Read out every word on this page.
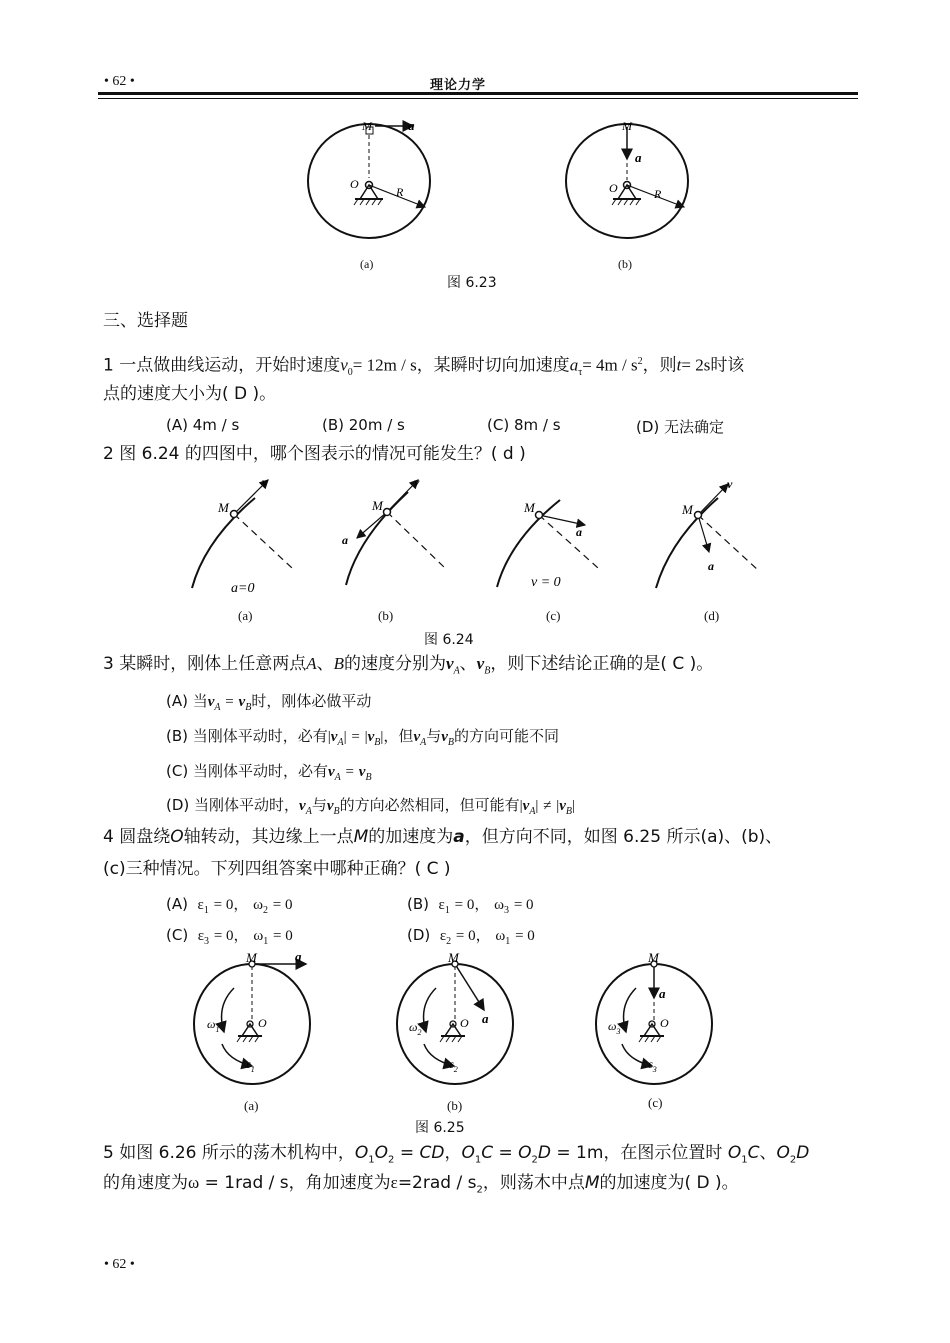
• 62 •	理论力学
M	a
O
R
M
a
O	R
(a)	(b)
图 6.23
三、选择题
1 一点做曲线运动，开始时速度$v_0= 12m / s$，某瞬时切向加速度$a_\tau= 4m / s^2$，则t= 2s时该
点的速度大小为( D )。
(A) 4m / s	(B) 20m / s	(C) 8m / s	(D) 无法确定
2 图 6.24 的四图中，哪个图表示的情况可能发生？( d )
M
v
a=0
M
v
a
M
a
v = 0
M
v
a
(a)	(b)	(c)	(d)
图 6.24
3 某瞬时，刚体上任意两点A、B的速度分别为$v_A$、$v_B$，则下述结论正确的是( C )。
(A) 当$v_A = v_B$时，刚体必做平动
(B) 当刚体平动时，必有$|v_A| = |v_B|$，但$v_A$与$v_B$的方向可能不同
(C) 当刚体平动时，必有$v_A = v_B$
(D) 当刚体平动时，$v_A$与$v_B$的方向必然相同，但可能有$|v_A| \ne |v_B|$
4 圆盘绕O轴转动，其边缘上一点M的加速度为a，但方向不同，如图 6.25 所示(a)、(b)、
(c)三种情况。下列四组答案中哪种正确？( C )
(A) $\varepsilon_1 = 0$， $\omega_2 = 0$	(B) $\varepsilon_1 = 0$， $\omega_3 = 0$
(C) $\varepsilon_3 = 0$， $\omega_1 = 0$	(D) $\varepsilon_2 = 0$， $\omega_1 = 0$
M	a
O
$\omega_1$
$\varepsilon_1$
M
a
O
$\omega_2$
$\varepsilon_2$
M
a
O
$\omega_3$
$\varepsilon_3$
(a)	(b)	(c)
图 6.25
5 如图 6.26 所示的荡木机构中，$O_1O_2$ = CD，$O_1C = O_2D = 1m$，在图示位置时 $O_1C$、$O_2D$
的角速度为ω = 1rad / s，角加速度为$\varepsilon=2rad / s_2$，则荡木中点M的加速度为( D )。
• 62 •
